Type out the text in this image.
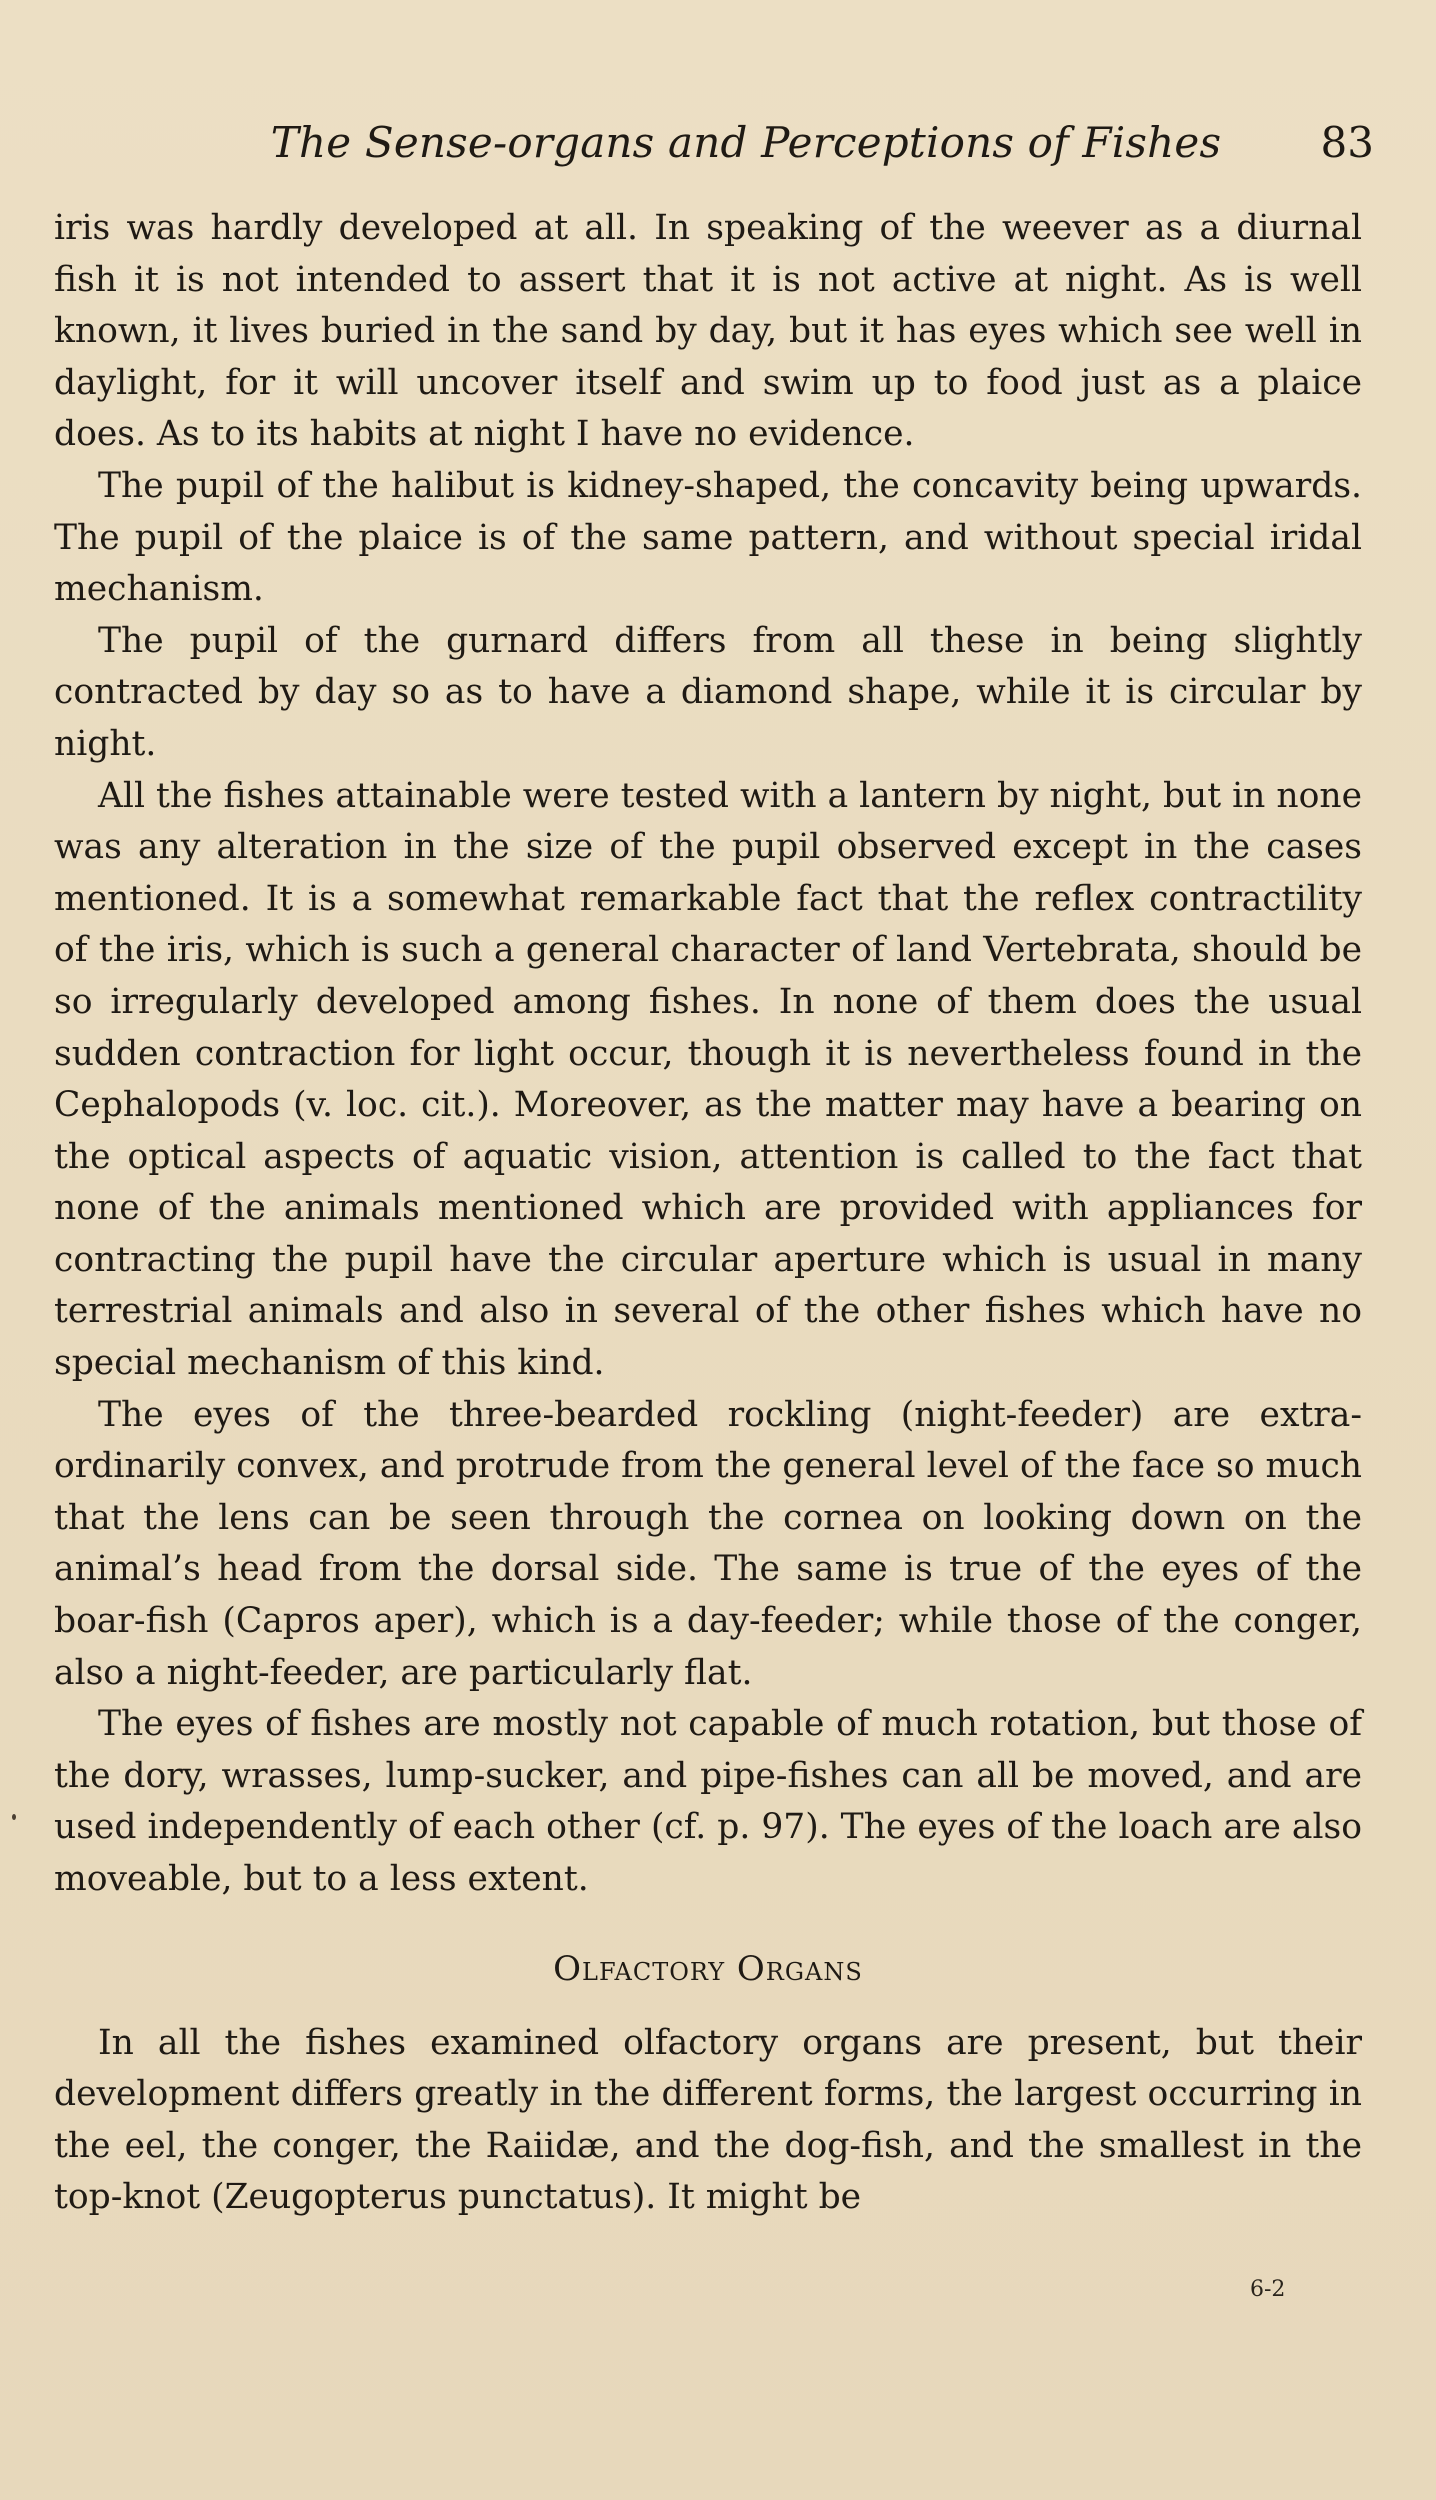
The Sense-organs and Perceptions of Fishes	83

iris was hardly developed at all. In speaking of the weever as a diurnal fish it is not intended to assert that it is not active at night. As is well known, it lives buried in the sand by day, but it has eyes which see well in daylight, for it will uncover itself and swim up to food just as a plaice does. As to its habits at night I have no evidence.

The pupil of the halibut is kidney-shaped, the concavity being upwards. The pupil of the plaice is of the same pattern, and without special iridal mechanism.

The pupil of the gurnard differs from all these in being slightly contracted by day so as to have a diamond shape, while it is circular by night.

All the fishes attainable were tested with a lantern by night, but in none was any alteration in the size of the pupil observed except in the cases mentioned. It is a somewhat remarkable fact that the reflex contractility of the iris, which is such a general character of land Vertebrata, should be so irregularly developed among fishes. In none of them does the usual sudden contraction for light occur, though it is nevertheless found in the Cephalopods (v. loc. cit.). Moreover, as the matter may have a bearing on the optical aspects of aquatic vision, attention is called to the fact that none of the animals mentioned which are provided with appliances for contracting the pupil have the circular aperture which is usual in many terrestrial animals and also in several of the other fishes which have no special mechanism of this kind.

The eyes of the three-bearded rockling (night-feeder) are extra-ordinarily convex, and protrude from the general level of the face so much that the lens can be seen through the cornea on looking down on the animal’s head from the dorsal side. The same is true of the eyes of the boar-fish (Capros aper), which is a day-feeder; while those of the conger, also a night-feeder, are particularly flat.

The eyes of fishes are mostly not capable of much rotation, but those of the dory, wrasses, lump-sucker, and pipe-fishes can all be moved, and are used independently of each other (cf. p. 97). The eyes of the loach are also moveable, but to a less extent.

Olfactory Organs

In all the fishes examined olfactory organs are present, but their development differs greatly in the different forms, the largest occurring in the eel, the conger, the Raiidæ, and the dog-fish, and the smallest in the top-knot (Zeugopterus punctatus). It might be

6-2
